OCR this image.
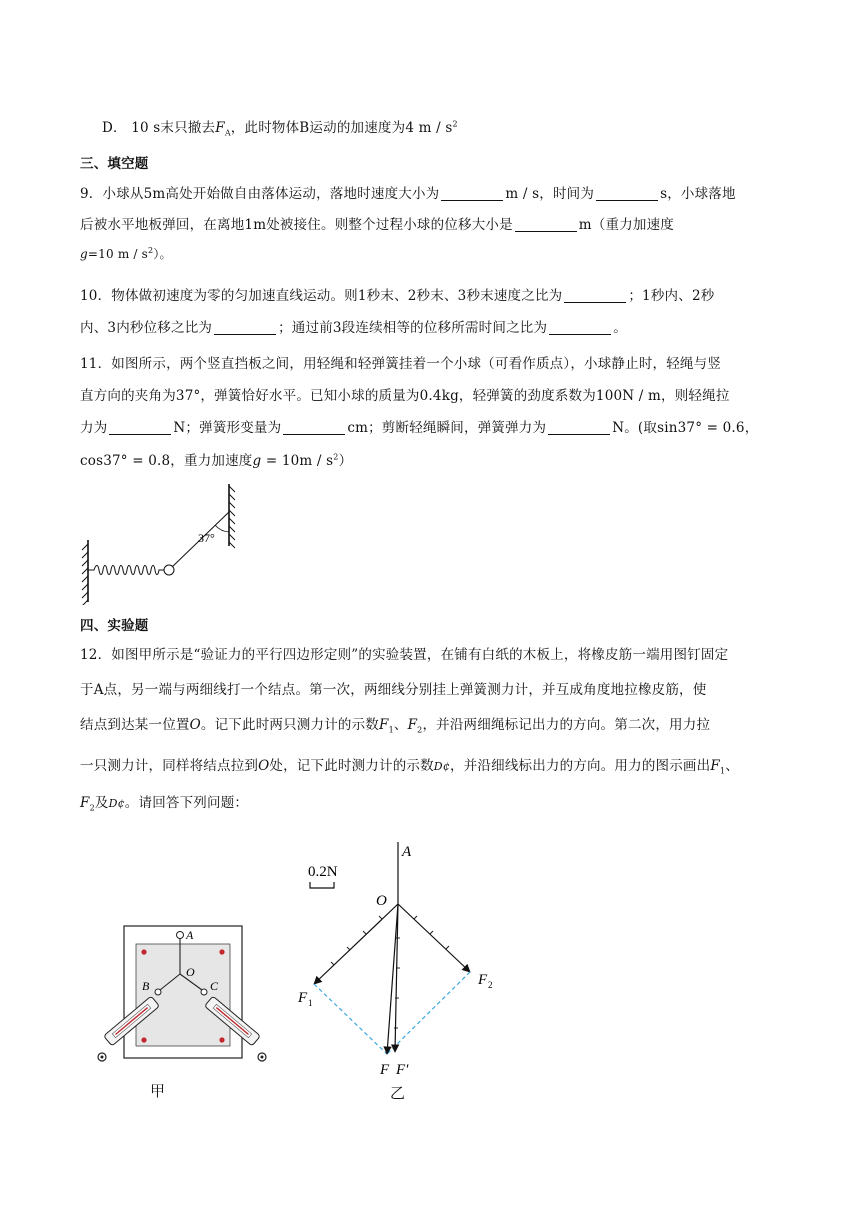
D． 10 s末只撤去$F_A$，此时物体B运动的加速度为4 m / $s^2$
三、填空题
9．小球从5m高处开始做自由落体运动，落地时速度大小为	m / s，时间为	s，小球落地
后被水平地板弹回，在离地1m处被接住。则整个过程小球的位移大小是	m（重力加速度
g=10 m / $s^2$）。
10．物体做初速度为零的匀加速直线运动。则1秒末、2秒末、3秒末速度之比为	；1秒内、2秒
内、3内秒位移之比为	；通过前3段连续相等的位移所需时间之比为	。
11．如图所示，两个竖直挡板之间，用轻绳和轻弹簧挂着一个小球（可看作质点），小球静止时，轻绳与竖
直方向的夹角为37°，弹簧恰好水平。已知小球的质量为0.4kg，轻弹簧的劲度系数为100N / m，则轻绳拉
力为	N；弹簧形变量为	cm；剪断轻绳瞬间，弹簧弹力为	N。(取sin37° = 0.6，
cos37° = 0.8，重力加速度$g = 10m / s^2$）
37°
四、实验题
12．如图甲所示是“验证力的平行四边形定则”的实验装置，在铺有白纸的木板上，将橡皮筋一端用图钉固定
于A点，另一端与两细线打一个结点。第一次，两细线分别挂上弹簧测力计，并互成角度地拉橡皮筋，使
结点到达某一位置O。记下此时两只测力计的示数$F_1$、$F_2$，并沿两细绳标记出力的方向。第二次，用力拉
一只测力计，同样将结点拉到O处，记下此时测力计的示数D¢，并沿细线标出力的方向。用力的图示画出$F_1$、
$F_2$及D¢。请回答下列问题：
A
O
B	C
甲
0.2N
A
O
F 1
F 2
F F′
乙
